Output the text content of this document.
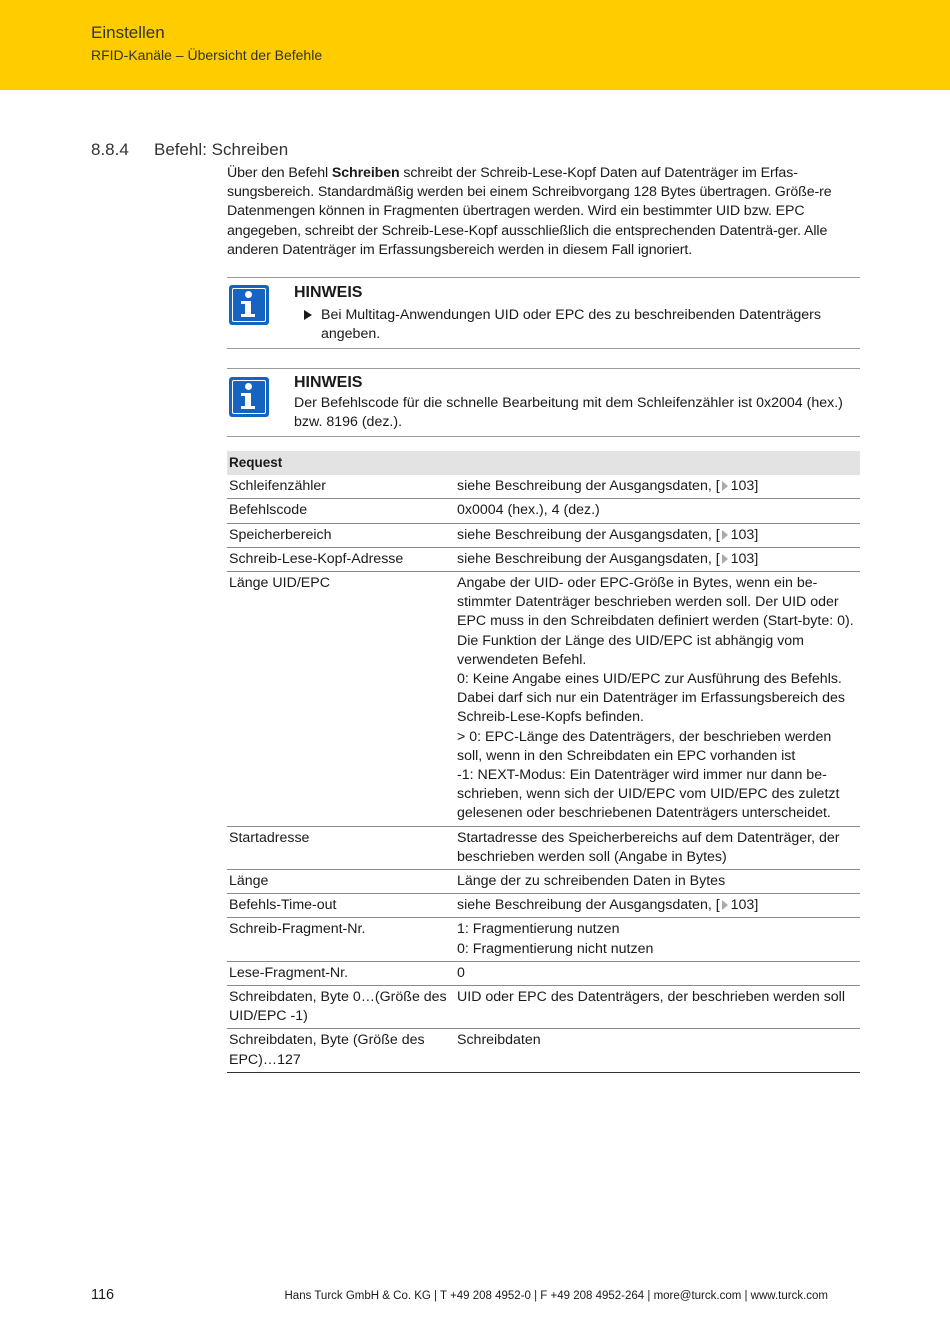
Einstellen
RFID-Kanäle – Übersicht der Befehle
8.8.4 Befehl: Schreiben

Über den Befehl Schreiben schreibt der Schreib-Lese-Kopf Daten auf Datenträger im Erfas-sungsbereich. Standardmäßig werden bei einem Schreibvorgang 128 Bytes übertragen. Größe-re Datenmengen können in Fragmenten übertragen werden. Wird ein bestimmter UID bzw. EPC angegeben, schreibt der Schreib-Lese-Kopf ausschließlich die entsprechenden Datenträ-ger. Alle anderen Datenträger im Erfassungsbereich werden in diesem Fall ignoriert.

HINWEIS

Bei Multitag-Anwendungen UID oder EPC des zu beschreibenden Datenträgers angeben.

HINWEIS

Der Befehlscode für die schnelle Bearbeitung mit dem Schleifenzähler ist 0x2004 (hex.) bzw. 8196 (dez.).

Request	
Schleifenzähler	siehe Beschreibung der Ausgangsdaten, [ 103]
Befehlscode	0x0004 (hex.), 4 (dez.)

Speicherbereich	siehe Beschreibung der Ausgangsdaten, [ 103]
Schreib-Lese-Kopf-Adresse	siehe Beschreibung der Ausgangsdaten, [ 103]
Länge UID/EPC	Angabe der UID- oder EPC-Größe in Bytes, wenn ein be-stimmter Datenträger beschrieben werden soll. Der UID oder EPC muss in den Schreibdaten definiert werden (Start-byte: 0). Die Funktion der Länge des UID/EPC ist abhängig vom verwendeten Befehl.
0: Keine Angabe eines UID/EPC zur Ausführung des Befehls. Dabei darf sich nur ein Datenträger im Erfassungsbereich des Schreib-Lese-Kopfs befinden.
> 0: EPC-Länge des Datenträgers, der beschrieben werden soll, wenn in den Schreibdaten ein EPC vorhanden ist
-1: NEXT-Modus: Ein Datenträger wird immer nur dann be-schrieben, wenn sich der UID/EPC vom UID/EPC des zuletzt gelesenen oder beschriebenen Datenträgers unterscheidet.

Startadresse	Startadresse des Speicherbereichs auf dem Datenträger, der beschrieben werden soll (Angabe in Bytes)

Länge	Länge der zu schreibenden Daten in Bytes

Befehls-Time-out	siehe Beschreibung der Ausgangsdaten, [ 103]
Schreib-Fragment-Nr.	1: Fragmentierung nutzen
0: Fragmentierung nicht nutzen

Lese-Fragment-Nr.	0

Schreibdaten, Byte 0…(Größe des UID/EPC -1)	UID oder EPC des Datenträgers, der beschrieben werden soll

Schreibdaten, Byte (Größe des EPC)…127	Schreibdaten
116	Hans Turck GmbH & Co. KG | T +49 208 4952-0 | F +49 208 4952-264 | more@turck.com | www.turck.com
